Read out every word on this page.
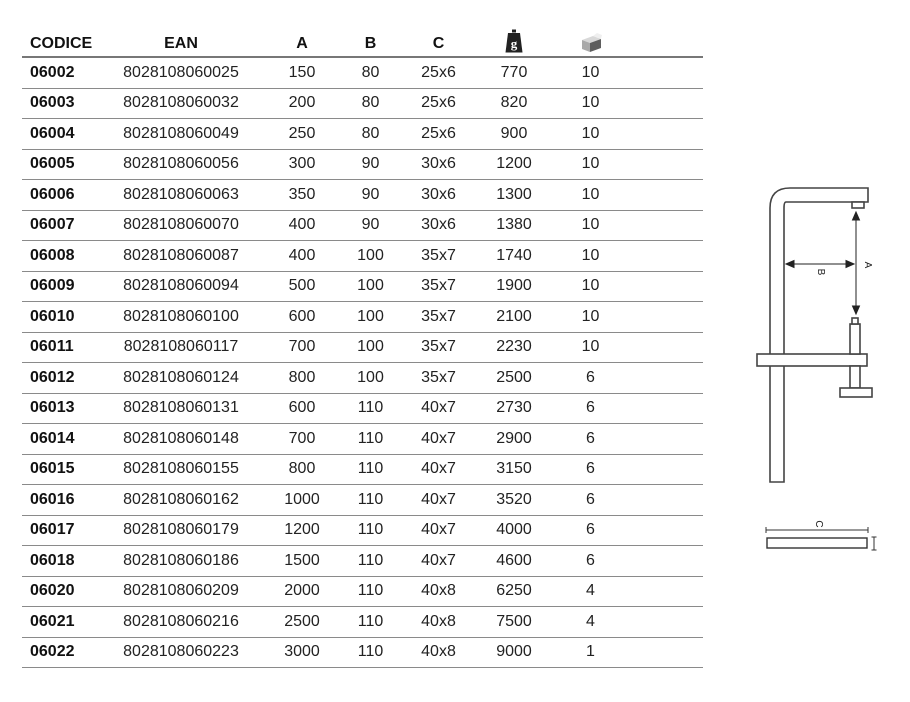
CODICE	EAN	A	B	C	g

06002	8028108060025	150	80	25x6	770	10	
06003	8028108060032	200	80	25x6	820	10	
06004	8028108060049	250	80	25x6	900	10	
06005	8028108060056	300	90	30x6	1200	10	
06006	8028108060063	350	90	30x6	1300	10	
06007	8028108060070	400	90	30x6	1380	10	
06008	8028108060087	400	100	35x7	1740	10	
06009	8028108060094	500	100	35x7	1900	10	
06010	8028108060100	600	100	35x7	2100	10	
06011	8028108060117	700	100	35x7	2230	10	
06012	8028108060124	800	100	35x7	2500	6	
06013	8028108060131	600	110	40x7	2730	6	
06014	8028108060148	700	110	40x7	2900	6	
06015	8028108060155	800	110	40x7	3150	6	
06016	8028108060162	1000	110	40x7	3520	6	
06017	8028108060179	1200	110	40x7	4000	6	
06018	8028108060186	1500	110	40x7	4600	6	
06020	8028108060209	2000	110	40x8	6250	4	
06021	8028108060216	2500	110	40x8	7500	4	
06022	8028108060223	3000	110	40x8	9000	1	
A
B
C
